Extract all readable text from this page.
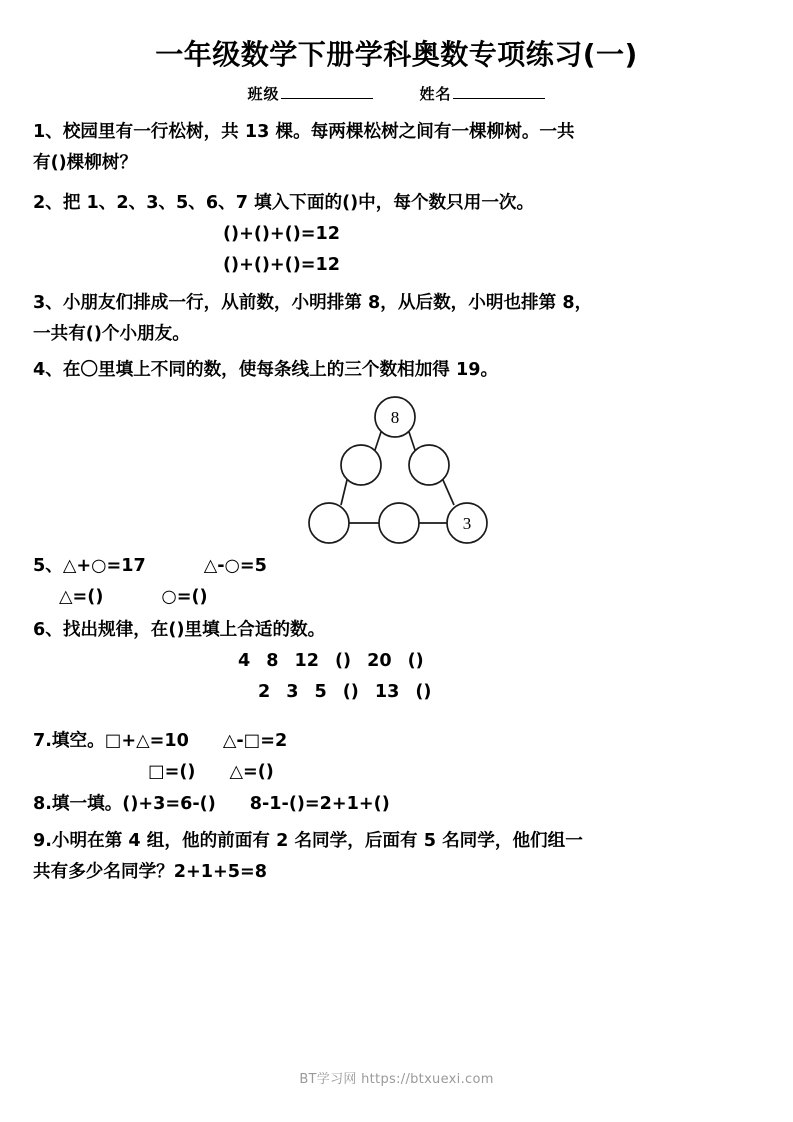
一年级数学下册学科奥数专项练习(一)
班级	姓名
1、校园里有一行松树，共 13 棵。每两棵松树之间有一棵柳树。一共
有()棵柳树？
2、把 1、2、3、5、6、7 填入下面的()中，每个数只用一次。
()+()+()=12
()+()+()=12
3、小朋友们排成一行，从前数，小明排第 8，从后数，小明也排第 8，
一共有()个小朋友。
4、在〇里填上不同的数，使每条线上的三个数相加得 19。
8
3
5、△+○=17	△-○=5
△=()	○=()
6、找出规律，在()里填上合适的数。
4 8 12 () 20 ()
2 3 5 () 13 ()
7.填空。□+△=10 △-□=2
□=() △=()
8.填一填。()+3=6-() 8-1-()=2+1+()
9.小明在第 4 组，他的前面有 2 名同学，后面有 5 名同学，他们组一
共有多少名同学？2+1+5=8
BT学习网 https://btxuexi.com
